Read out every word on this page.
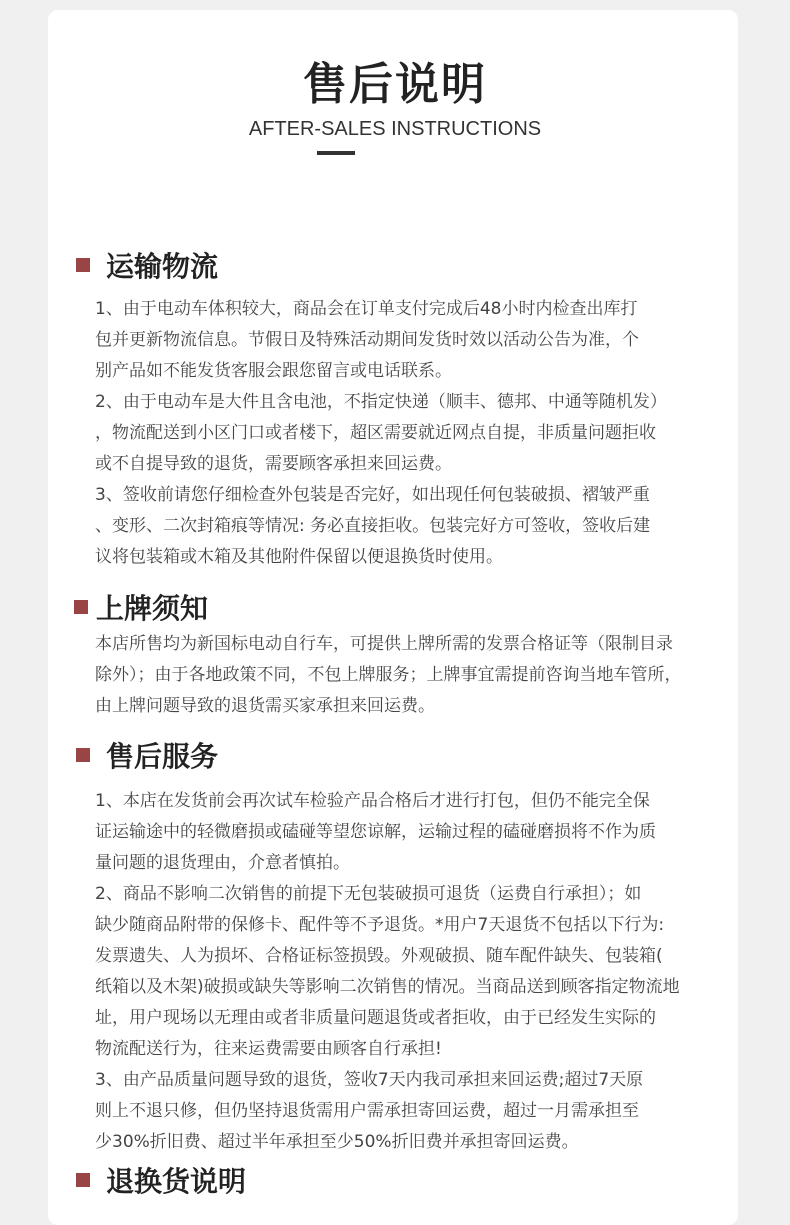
售后说明
AFTER-SALES INSTRUCTIONS
运输物流
1、由于电动车体积较大，商品会在订单支付完成后48小时内检查出库打
包并更新物流信息。节假日及特殊活动期间发货时效以活动公告为准，个
别产品如不能发货客服会跟您留言或电话联系。
2、由于电动车是大件且含电池，不指定快递（顺丰、德邦、中通等随机发）
，物流配送到小区门口或者楼下，超区需要就近网点自提，非质量问题拒收
或不自提导致的退货，需要顾客承担来回运费。
3、签收前请您仔细检查外包装是否完好，如出现任何包装破损、褶皱严重
、变形、二次封箱痕等情况: 务必直接拒收。包装完好方可签收，签收后建
议将包装箱或木箱及其他附件保留以便退换货时使用。
上牌须知
本店所售均为新国标电动自行车，可提供上牌所需的发票合格证等（限制目录
除外）；由于各地政策不同，不包上牌服务；上牌事宜需提前咨询当地车管所，
由上牌问题导致的退货需买家承担来回运费。
售后服务
1、本店在发货前会再次试车检验产品合格后才进行打包，但仍不能完全保
证运输途中的轻微磨损或磕碰等望您谅解，运输过程的磕碰磨损将不作为质
量问题的退货理由，介意者慎拍。
2、商品不影响二次销售的前提下无包装破损可退货（运费自行承担）；如
缺少随商品附带的保修卡、配件等不予退货。*用户7天退货不包括以下行为:
发票遗失、人为损坏、合格证标签损毁。外观破损、随车配件缺失、包装箱(
纸箱以及木架)破损或缺失等影响二次销售的情况。当商品送到顾客指定物流地
址，用户现场以无理由或者非质量问题退货或者拒收，由于已经发生实际的
物流配送行为，往来运费需要由顾客自行承担!
3、由产品质量问题导致的退货，签收7天内我司承担来回运费;超过7天原
则上不退只修，但仍坚持退货需用户需承担寄回运费，超过一月需承担至
少30%折旧费、超过半年承担至少50%折旧费并承担寄回运费。
退换货说明
